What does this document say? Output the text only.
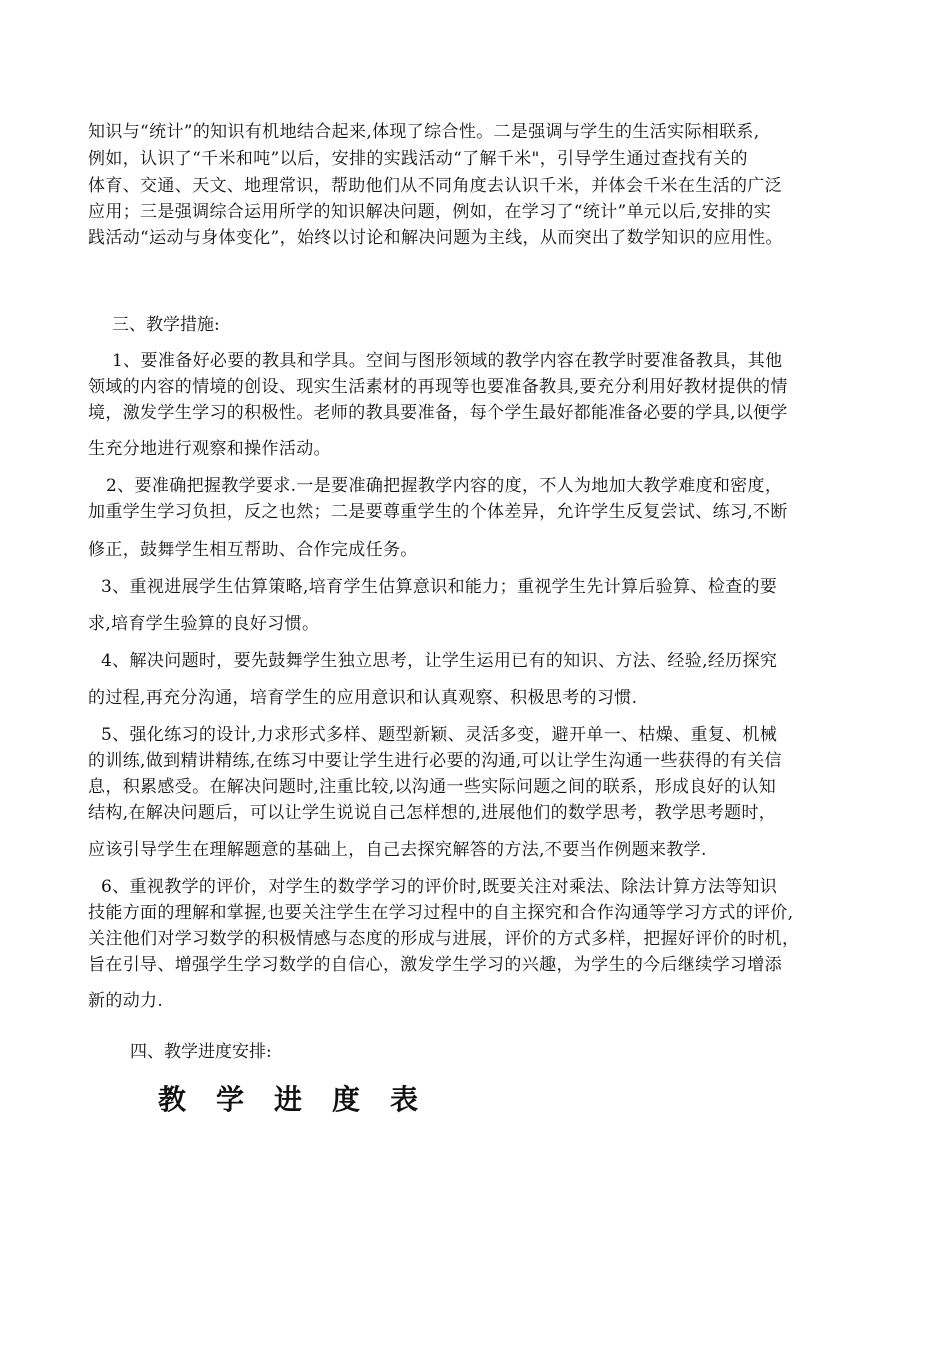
知识与“统计”的知识有机地结合起来,体现了综合性。二是强调与学生的生活实际相联系,
例如，认识了“千米和吨”以后，安排的实践活动“了解千米"，引导学生通过查找有关的
体育、交通、天文、地理常识，帮助他们从不同角度去认识千米，并体会千米在生活的广泛
应用；三是强调综合运用所学的知识解决问题，例如，在学习了“统计”单元以后,安排的实
践活动“运动与身体变化”，始终以讨论和解决问题为主线，从而突出了数学知识的应用性。
三、教学措施:
1、要准备好必要的教具和学具。空间与图形领域的教学内容在教学时要准备教具，其他
领域的内容的情境的创设、现实生活素材的再现等也要准备教具,要充分利用好教材提供的情
境，激发学生学习的积极性。老师的教具要准备，每个学生最好都能准备必要的学具,以便学
生充分地进行观察和操作活动。
2、要准确把握教学要求.一是要准确把握教学内容的度，不人为地加大教学难度和密度，
加重学生学习负担，反之也然；二是要尊重学生的个体差异，允许学生反复尝试、练习,不断
修正，鼓舞学生相互帮助、合作完成任务。
3、重视进展学生估算策略,培育学生估算意识和能力；重视学生先计算后验算、检查的要
求,培育学生验算的良好习惯。
4、解决问题时，要先鼓舞学生独立思考，让学生运用已有的知识、方法、经验,经历探究
的过程,再充分沟通，培育学生的应用意识和认真观察、积极思考的习惯.
5、强化练习的设计,力求形式多样、题型新颖、灵活多变，避开单一、枯燥、重复、机械
的训练,做到精讲精练,在练习中要让学生进行必要的沟通,可以让学生沟通一些获得的有关信
息，积累感受。在解决问题时,注重比较,以沟通一些实际问题之间的联系，形成良好的认知
结构,在解决问题后，可以让学生说说自己怎样想的,进展他们的数学思考，教学思考题时，
应该引导学生在理解题意的基础上，自己去探究解答的方法,不要当作例题来教学.
6、重视教学的评价，对学生的数学学习的评价时,既要关注对乘法、除法计算方法等知识
技能方面的理解和掌握,也要关注学生在学习过程中的自主探究和合作沟通等学习方式的评价,
关注他们对学习数学的积极情感与态度的形成与进展，评价的方式多样，把握好评价的时机，
旨在引导、增强学生学习数学的自信心，激发学生学习的兴趣，为学生的今后继续学习增添
新的动力.
四、教学进度安排:
教学进度表
